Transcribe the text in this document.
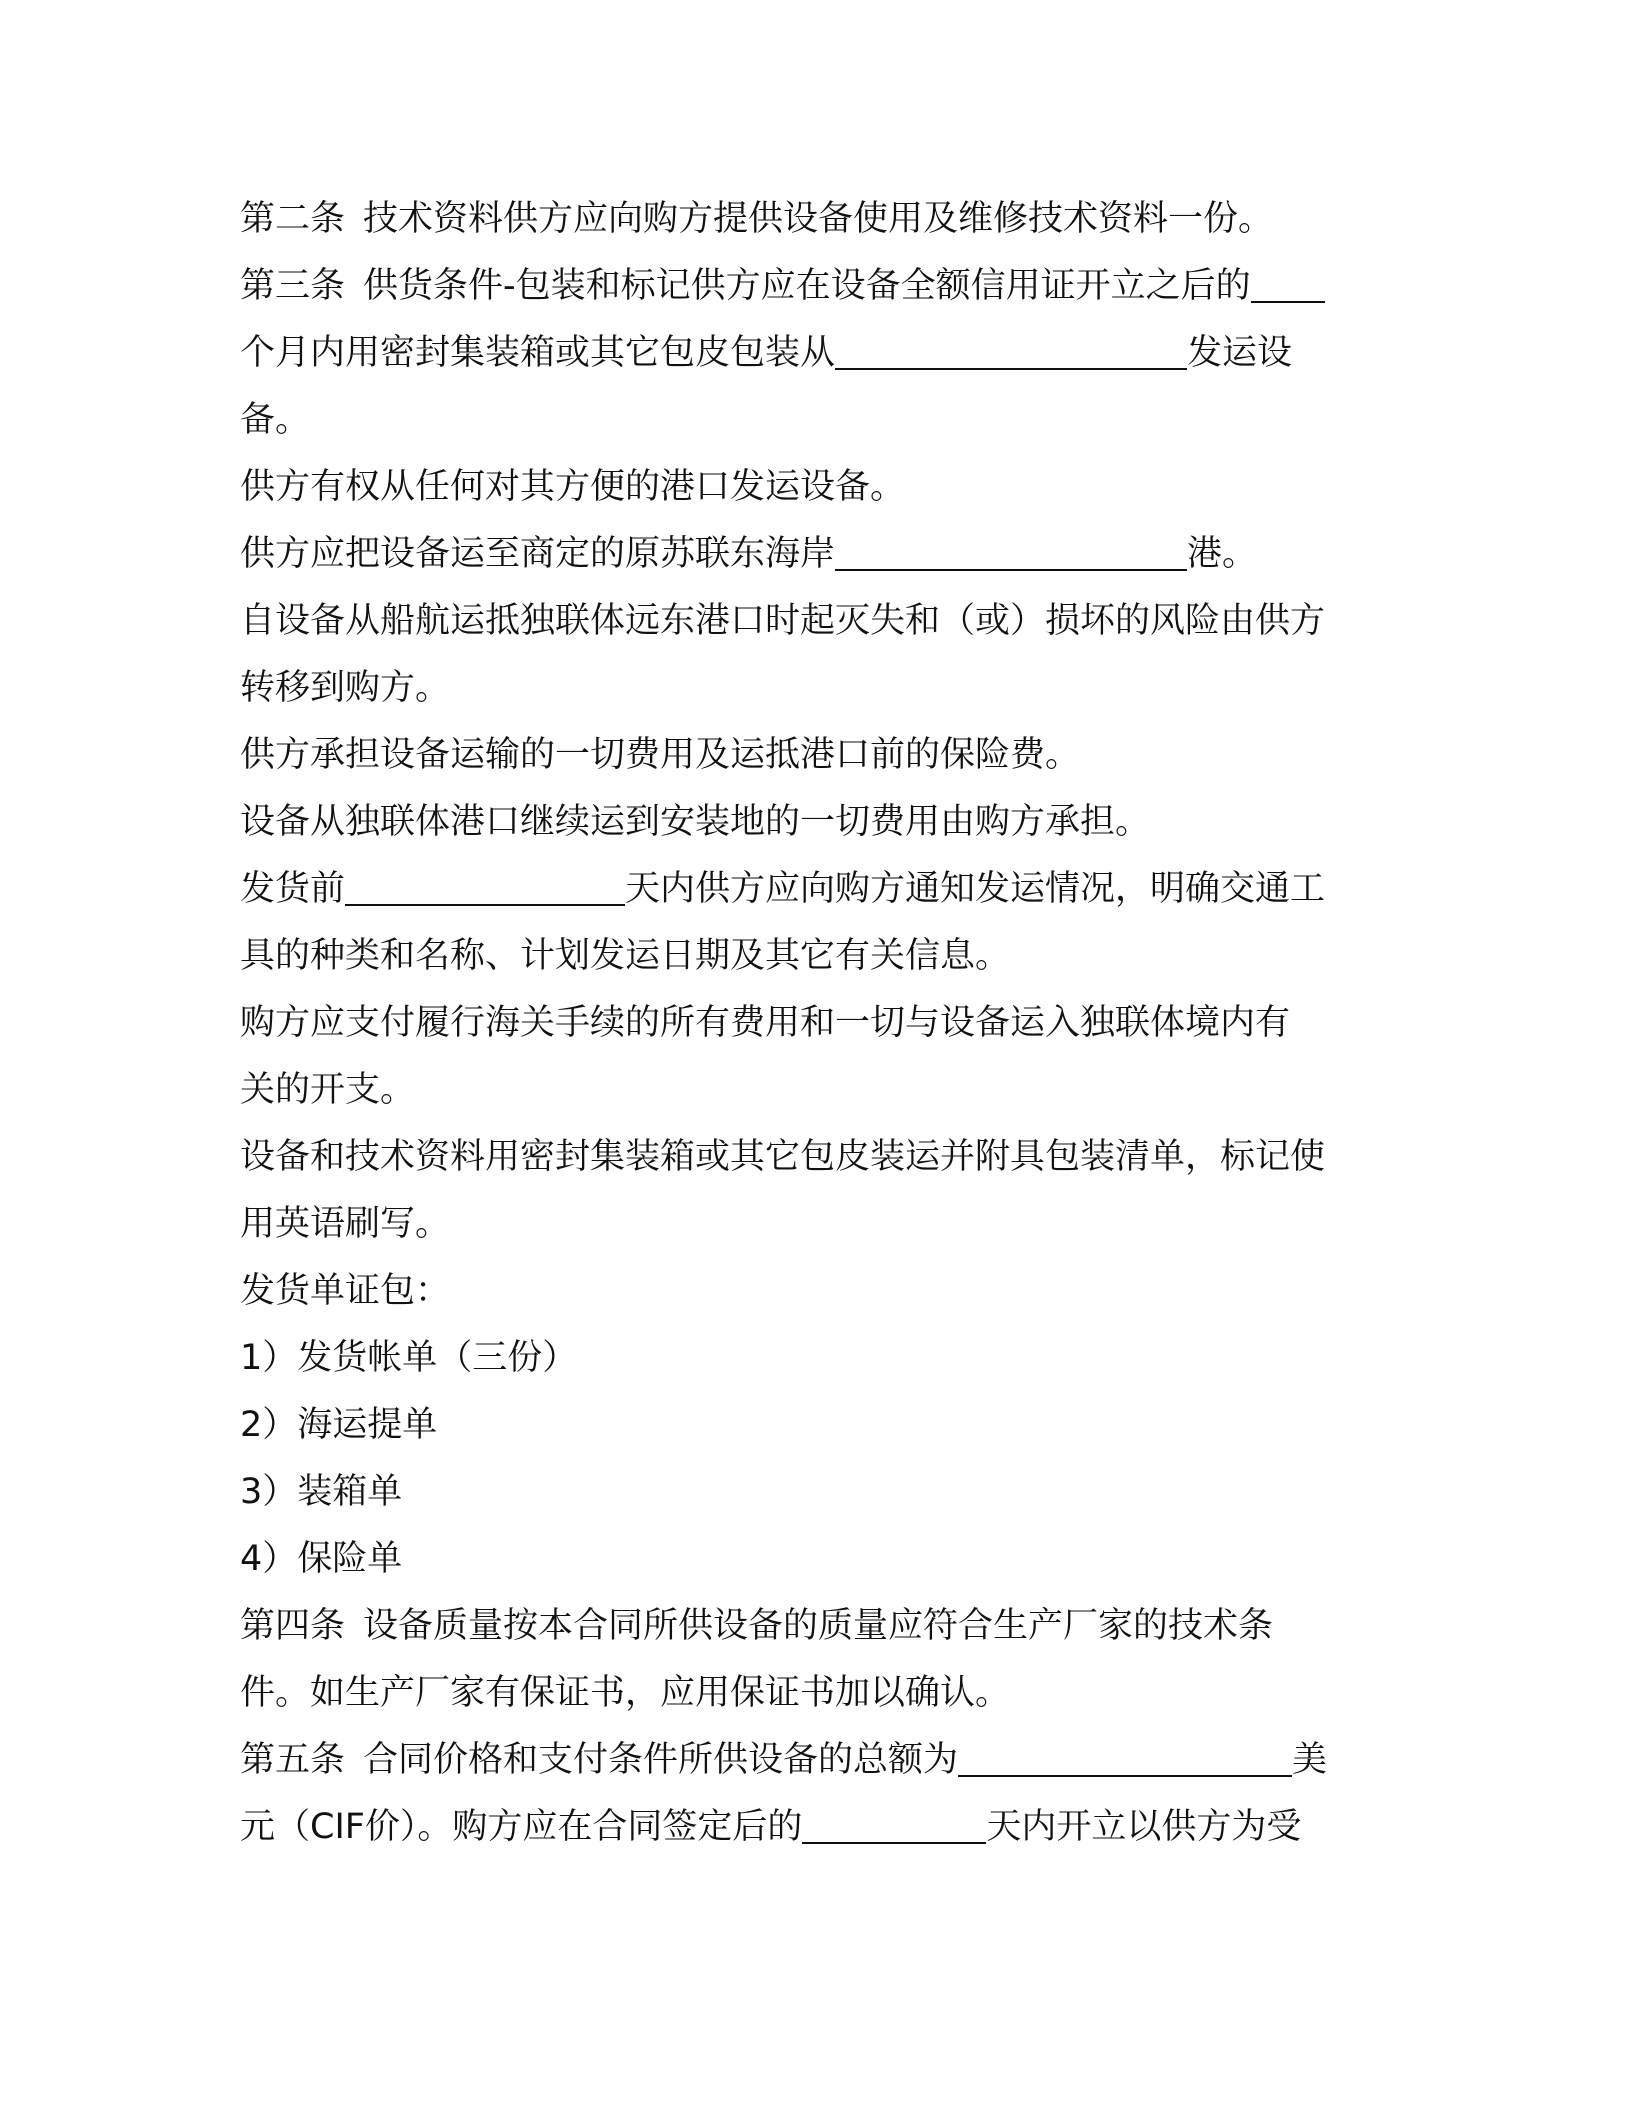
第二条 技术资料供方应向购方提供设备使用及维修技术资料一份。
第三条 供货条件-包装和标记供方应在设备全额信用证开立之后的
个月内用密封集装箱或其它包皮包装从	发运设
备。
供方有权从任何对其方便的港口发运设备。
供方应把设备运至商定的原苏联东海岸	港。
自设备从船航运抵独联体远东港口时起灭失和（或）损坏的风险由供方
转移到购方。
供方承担设备运输的一切费用及运抵港口前的保险费。
设备从独联体港口继续运到安装地的一切费用由购方承担。
发货前	天内供方应向购方通知发运情况，明确交通工
具的种类和名称、计划发运日期及其它有关信息。
购方应支付履行海关手续的所有费用和一切与设备运入独联体境内有
关的开支。
设备和技术资料用密封集装箱或其它包皮装运并附具包装清单，标记使
用英语刷写。
发货单证包：
1）发货帐单（三份）
2）海运提单
3）装箱单
4）保险单
第四条 设备质量按本合同所供设备的质量应符合生产厂家的技术条
件。如生产厂家有保证书，应用保证书加以确认。
第五条 合同价格和支付条件所供设备的总额为	美
元（CIF价）。购方应在合同签定后的	天内开立以供方为受
